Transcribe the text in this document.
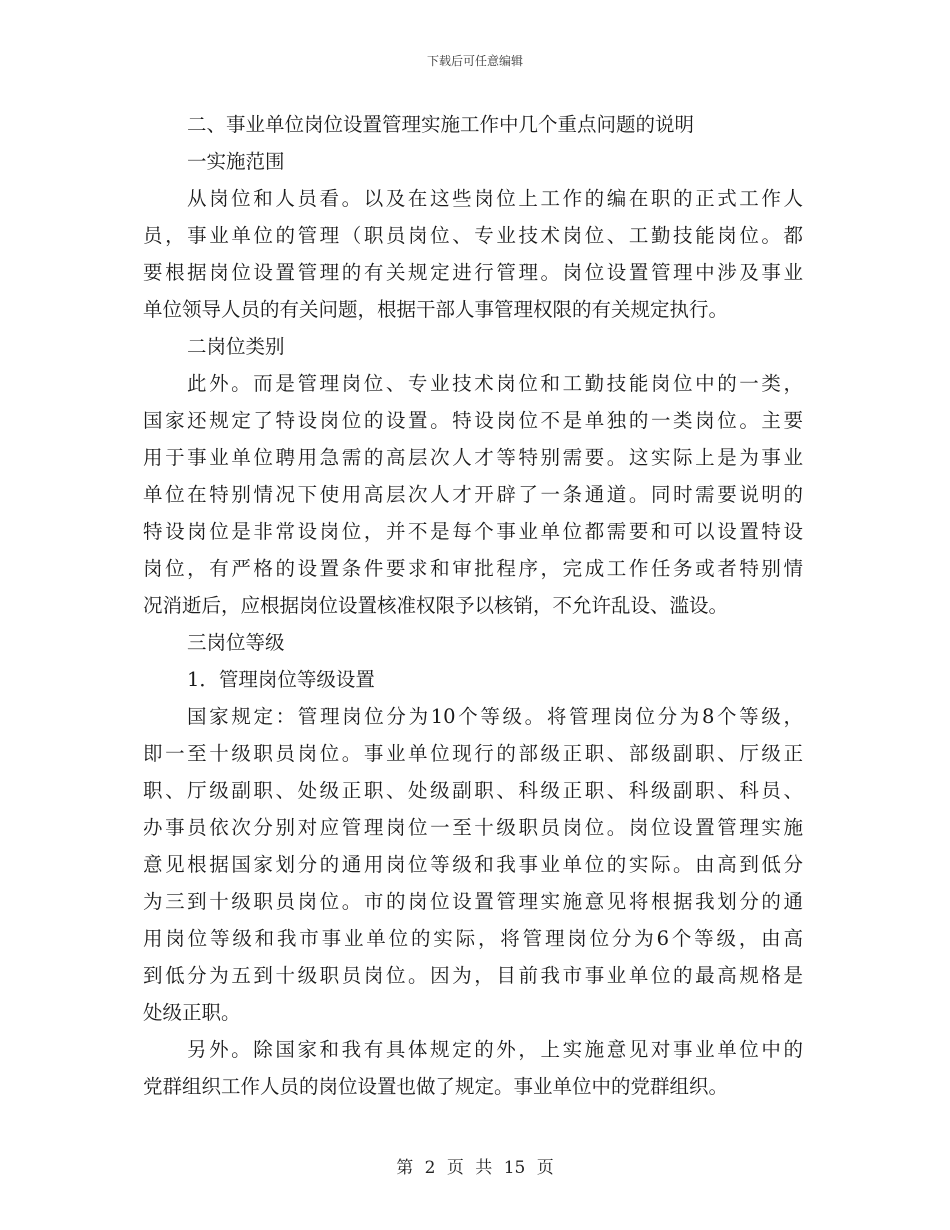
下载后可任意编辑

二、事业单位岗位设置管理实施工作中几个重点问题的说明

一实施范围

从岗位和人员看。以及在这些岗位上工作的编在职的正式工作人

员，事业单位的管理（职员岗位、专业技术岗位、工勤技能岗位。都

要根据岗位设置管理的有关规定进行管理。岗位设置管理中涉及事业

单位领导人员的有关问题，根据干部人事管理权限的有关规定执行。

二岗位类别

此外。而是管理岗位、专业技术岗位和工勤技能岗位中的一类，

国家还规定了特设岗位的设置。特设岗位不是单独的一类岗位。主要

用于事业单位聘用急需的高层次人才等特别需要。这实际上是为事业

单位在特别情况下使用高层次人才开辟了一条通道。同时需要说明的

特设岗位是非常设岗位，并不是每个事业单位都需要和可以设置特设

岗位，有严格的设置条件要求和审批程序，完成工作任务或者特别情

况消逝后，应根据岗位设置核准权限予以核销，不允许乱设、滥设。

三岗位等级

1．管理岗位等级设置

国家规定：管理岗位分为10个等级。将管理岗位分为8个等级，

即一至十级职员岗位。事业单位现行的部级正职、部级副职、厅级正

职、厅级副职、处级正职、处级副职、科级正职、科级副职、科员、

办事员依次分别对应管理岗位一至十级职员岗位。岗位设置管理实施

意见根据国家划分的通用岗位等级和我事业单位的实际。由高到低分

为三到十级职员岗位。市的岗位设置管理实施意见将根据我划分的通

用岗位等级和我市事业单位的实际，将管理岗位分为6个等级，由高

到低分为五到十级职员岗位。因为，目前我市事业单位的最高规格是

处级正职。

另外。除国家和我有具体规定的外，上实施意见对事业单位中的

党群组织工作人员的岗位设置也做了规定。事业单位中的党群组织。

第 2 页 共 15 页
